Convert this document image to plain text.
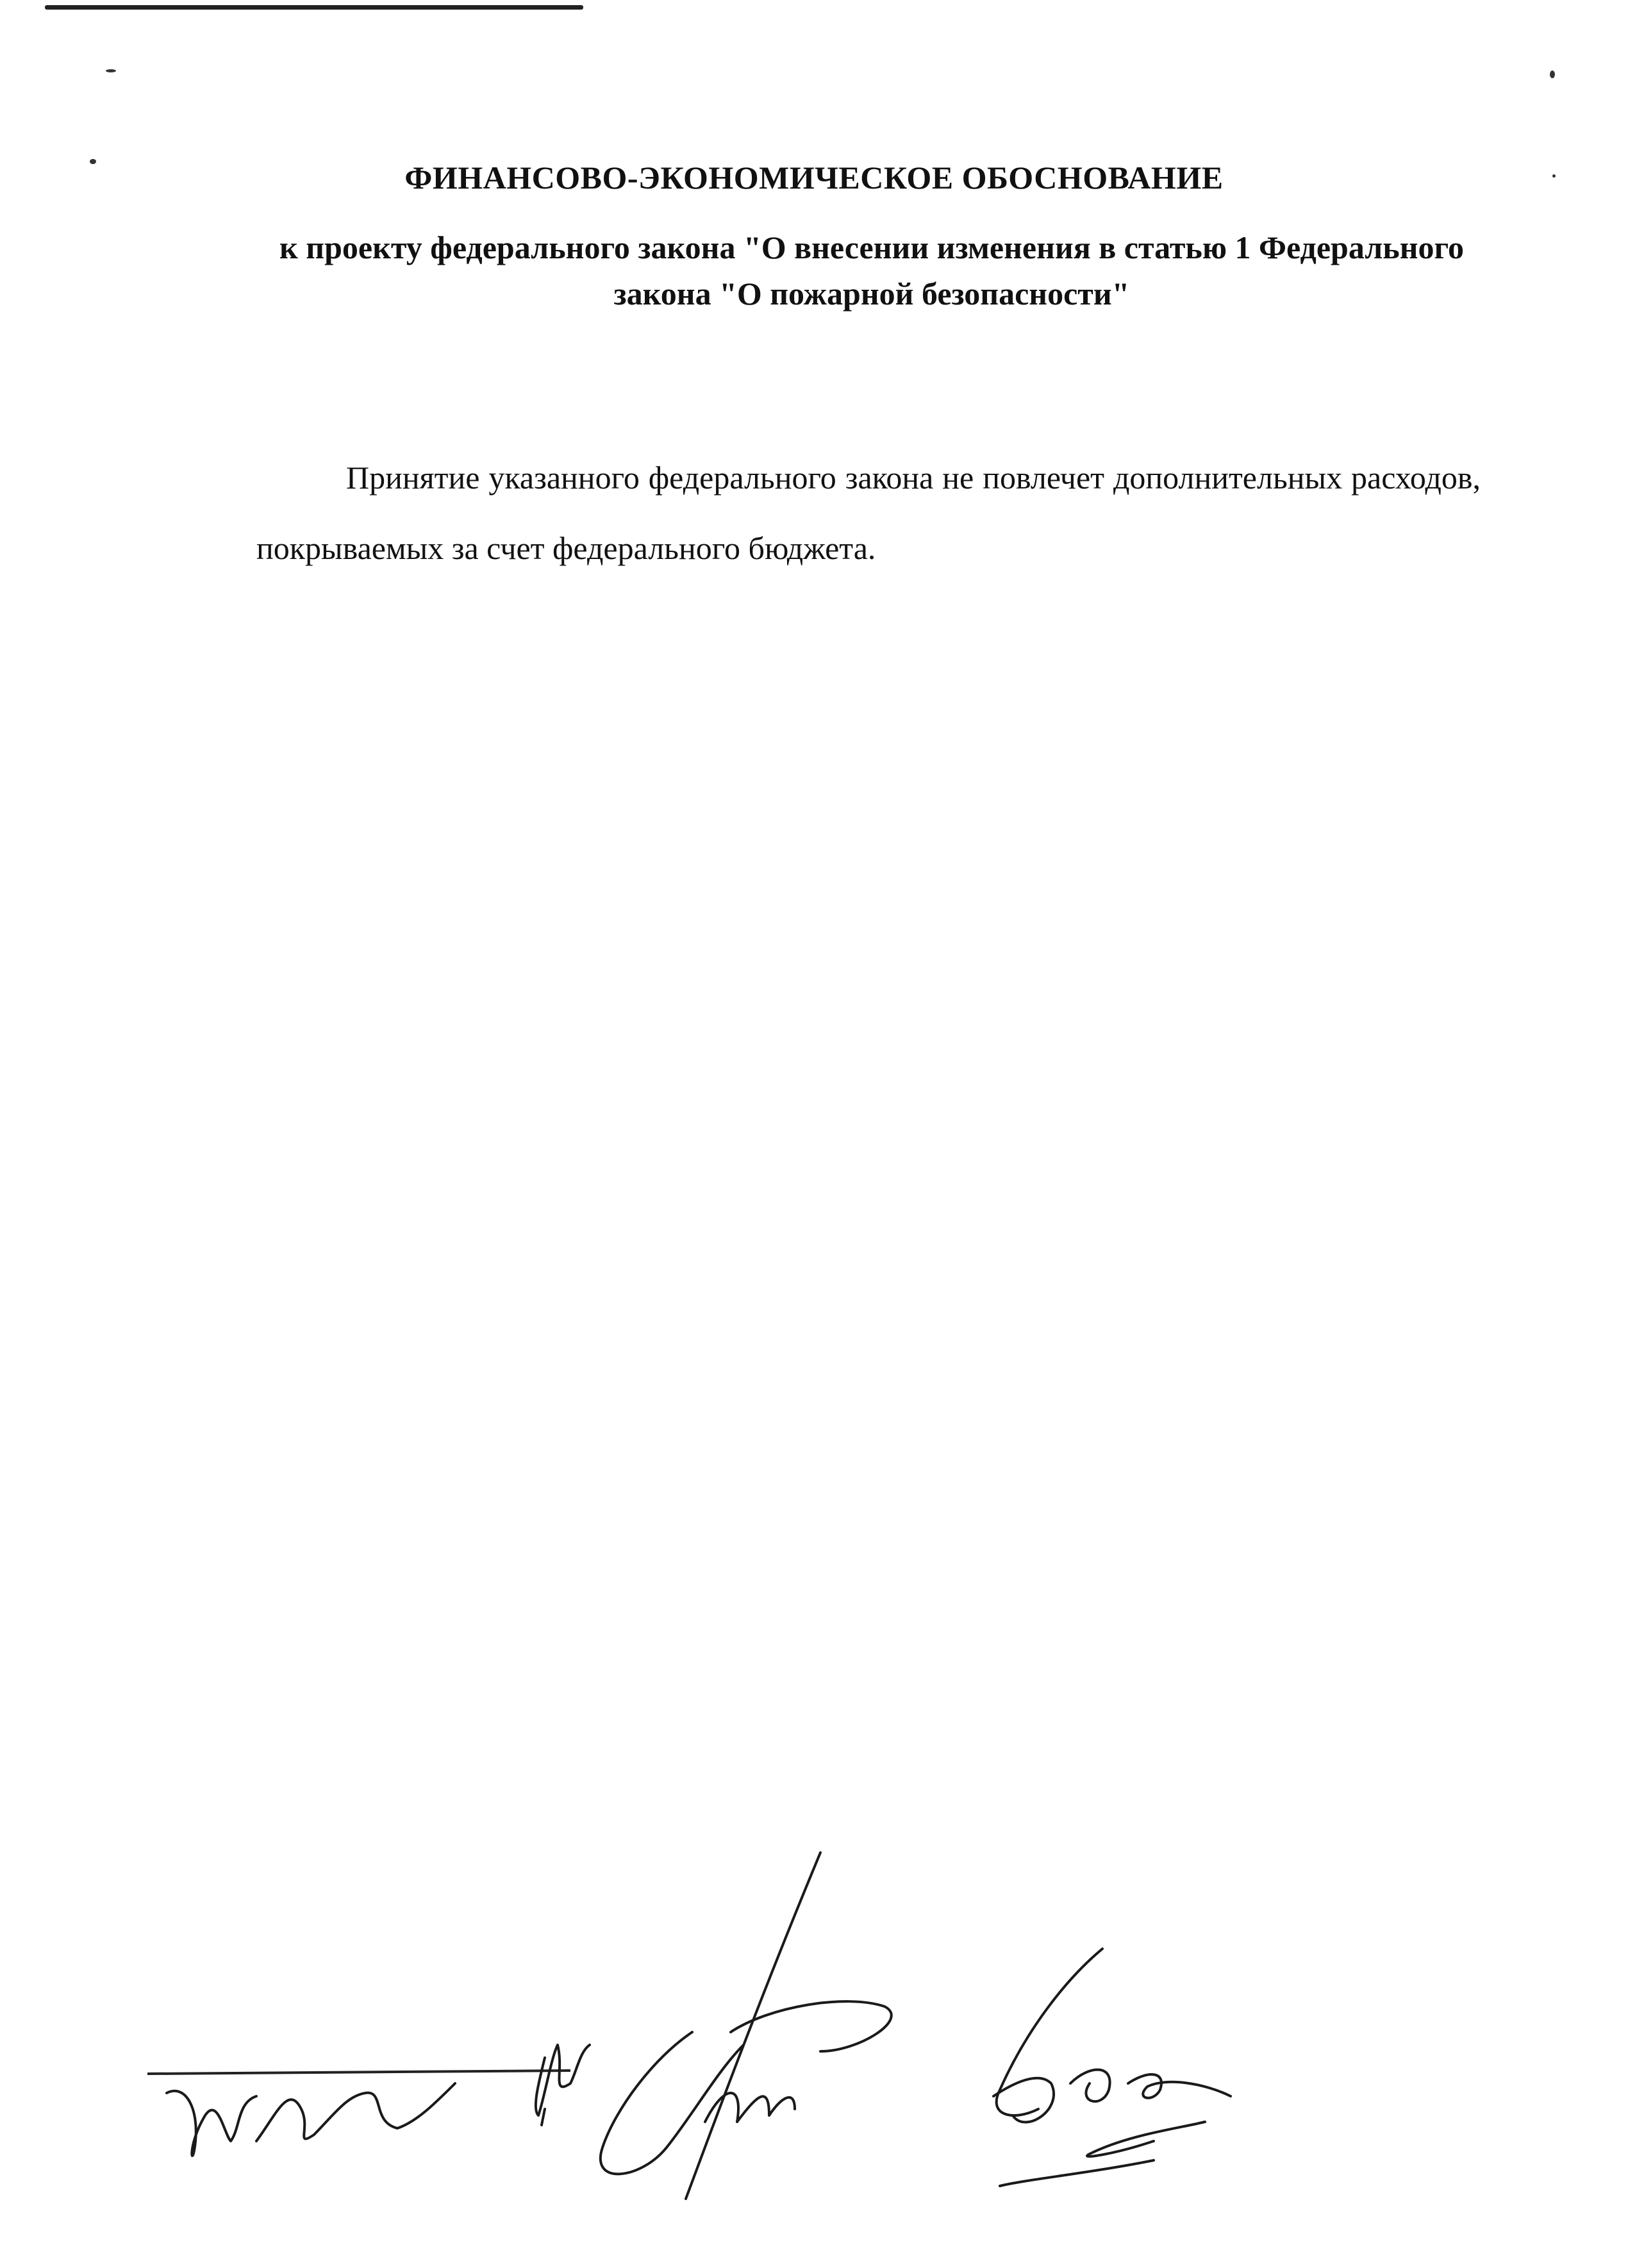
ФИНАНСОВО-ЭКОНОМИЧЕСКОЕ ОБОСНОВАНИЕ
к проекту федерального закона "О внесении изменения в статью 1 Федерального закона "О пожарной безопасности"

Принятие указанного федерального закона не повлечет дополнительных расходов, покрываемых за счет федерального бюджета.
